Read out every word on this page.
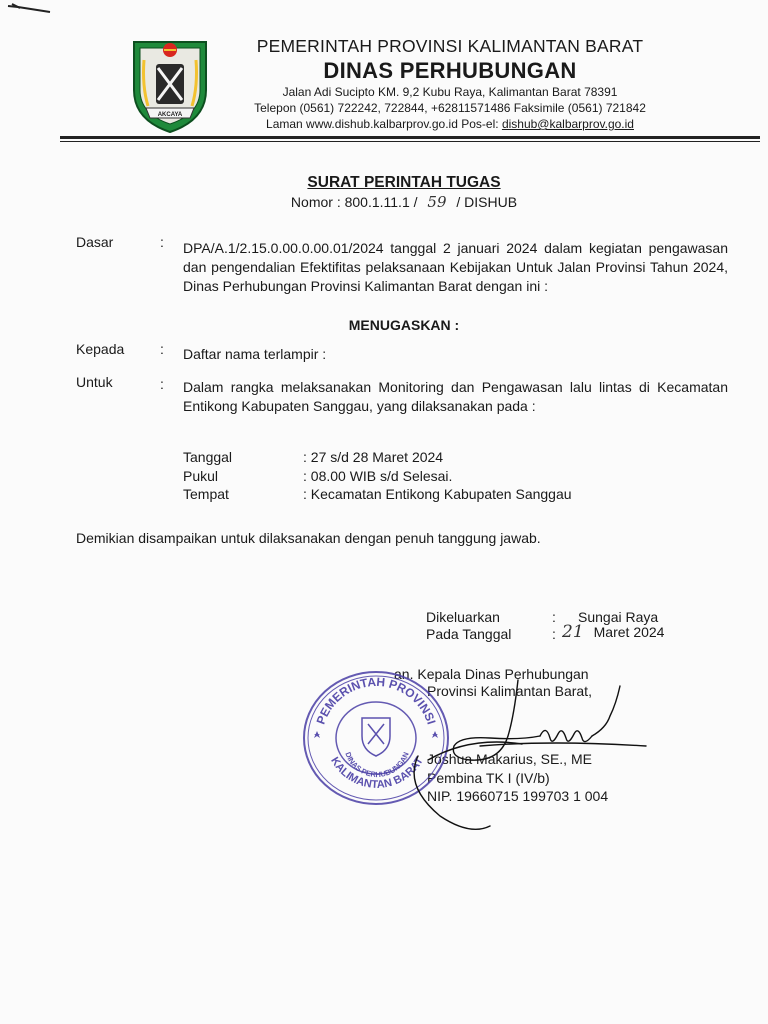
AKCAYA
PEMERINTAH PROVINSI KALIMANTAN BARAT
DINAS PERHUBUNGAN
Jalan Adi Sucipto KM. 9,2 Kubu Raya, Kalimantan Barat 78391
Telepon (0561) 722242, 722844, +62811571486 Faksimile (0561) 721842
Laman www.dishub.kalbarprov.go.id Pos-el: dishub@kalbarprov.go.id
SURAT PERINTAH TUGAS
Nomor : 800.1.11.1 / 59 / DISHUB
Dasar	: DPA/A.1/2.15.0.00.0.00.01/2024 tanggal 2 januari 2024 dalam kegiatan pengawasan dan pengendalian Efektifitas pelaksanaan Kebijakan Untuk Jalan Provinsi Tahun 2024, Dinas Perhubungan Provinsi Kalimantan Barat dengan ini :
MENUGASKAN :
Kepada	: Daftar nama terlampir :
Untuk	: Dalam rangka melaksanakan Monitoring dan Pengawasan lalu lintas di Kecamatan Entikong Kabupaten Sanggau, yang dilaksanakan pada :
Tanggal	: 27 s/d 28 Maret 2024
Pukul	: 08.00 WIB s/d Selesai.
Tempat	: Kecamatan Entikong Kabupaten Sanggau
Demikian disampaikan untuk dilaksanakan dengan penuh tanggung jawab.
Dikeluarkan	: Sungai Raya
Pada Tanggal	: 21 Maret 2024
an. Kepala Dinas Perhubungan
Provinsi Kalimantan Barat,
Joshua Makarius, SE., ME
Pembina TK I (IV/b)
NIP. 19660715 199703 1 004
PEMERINTAH PROVINSI
KALIMANTAN BARAT
DINAS PERHUBUNGAN
